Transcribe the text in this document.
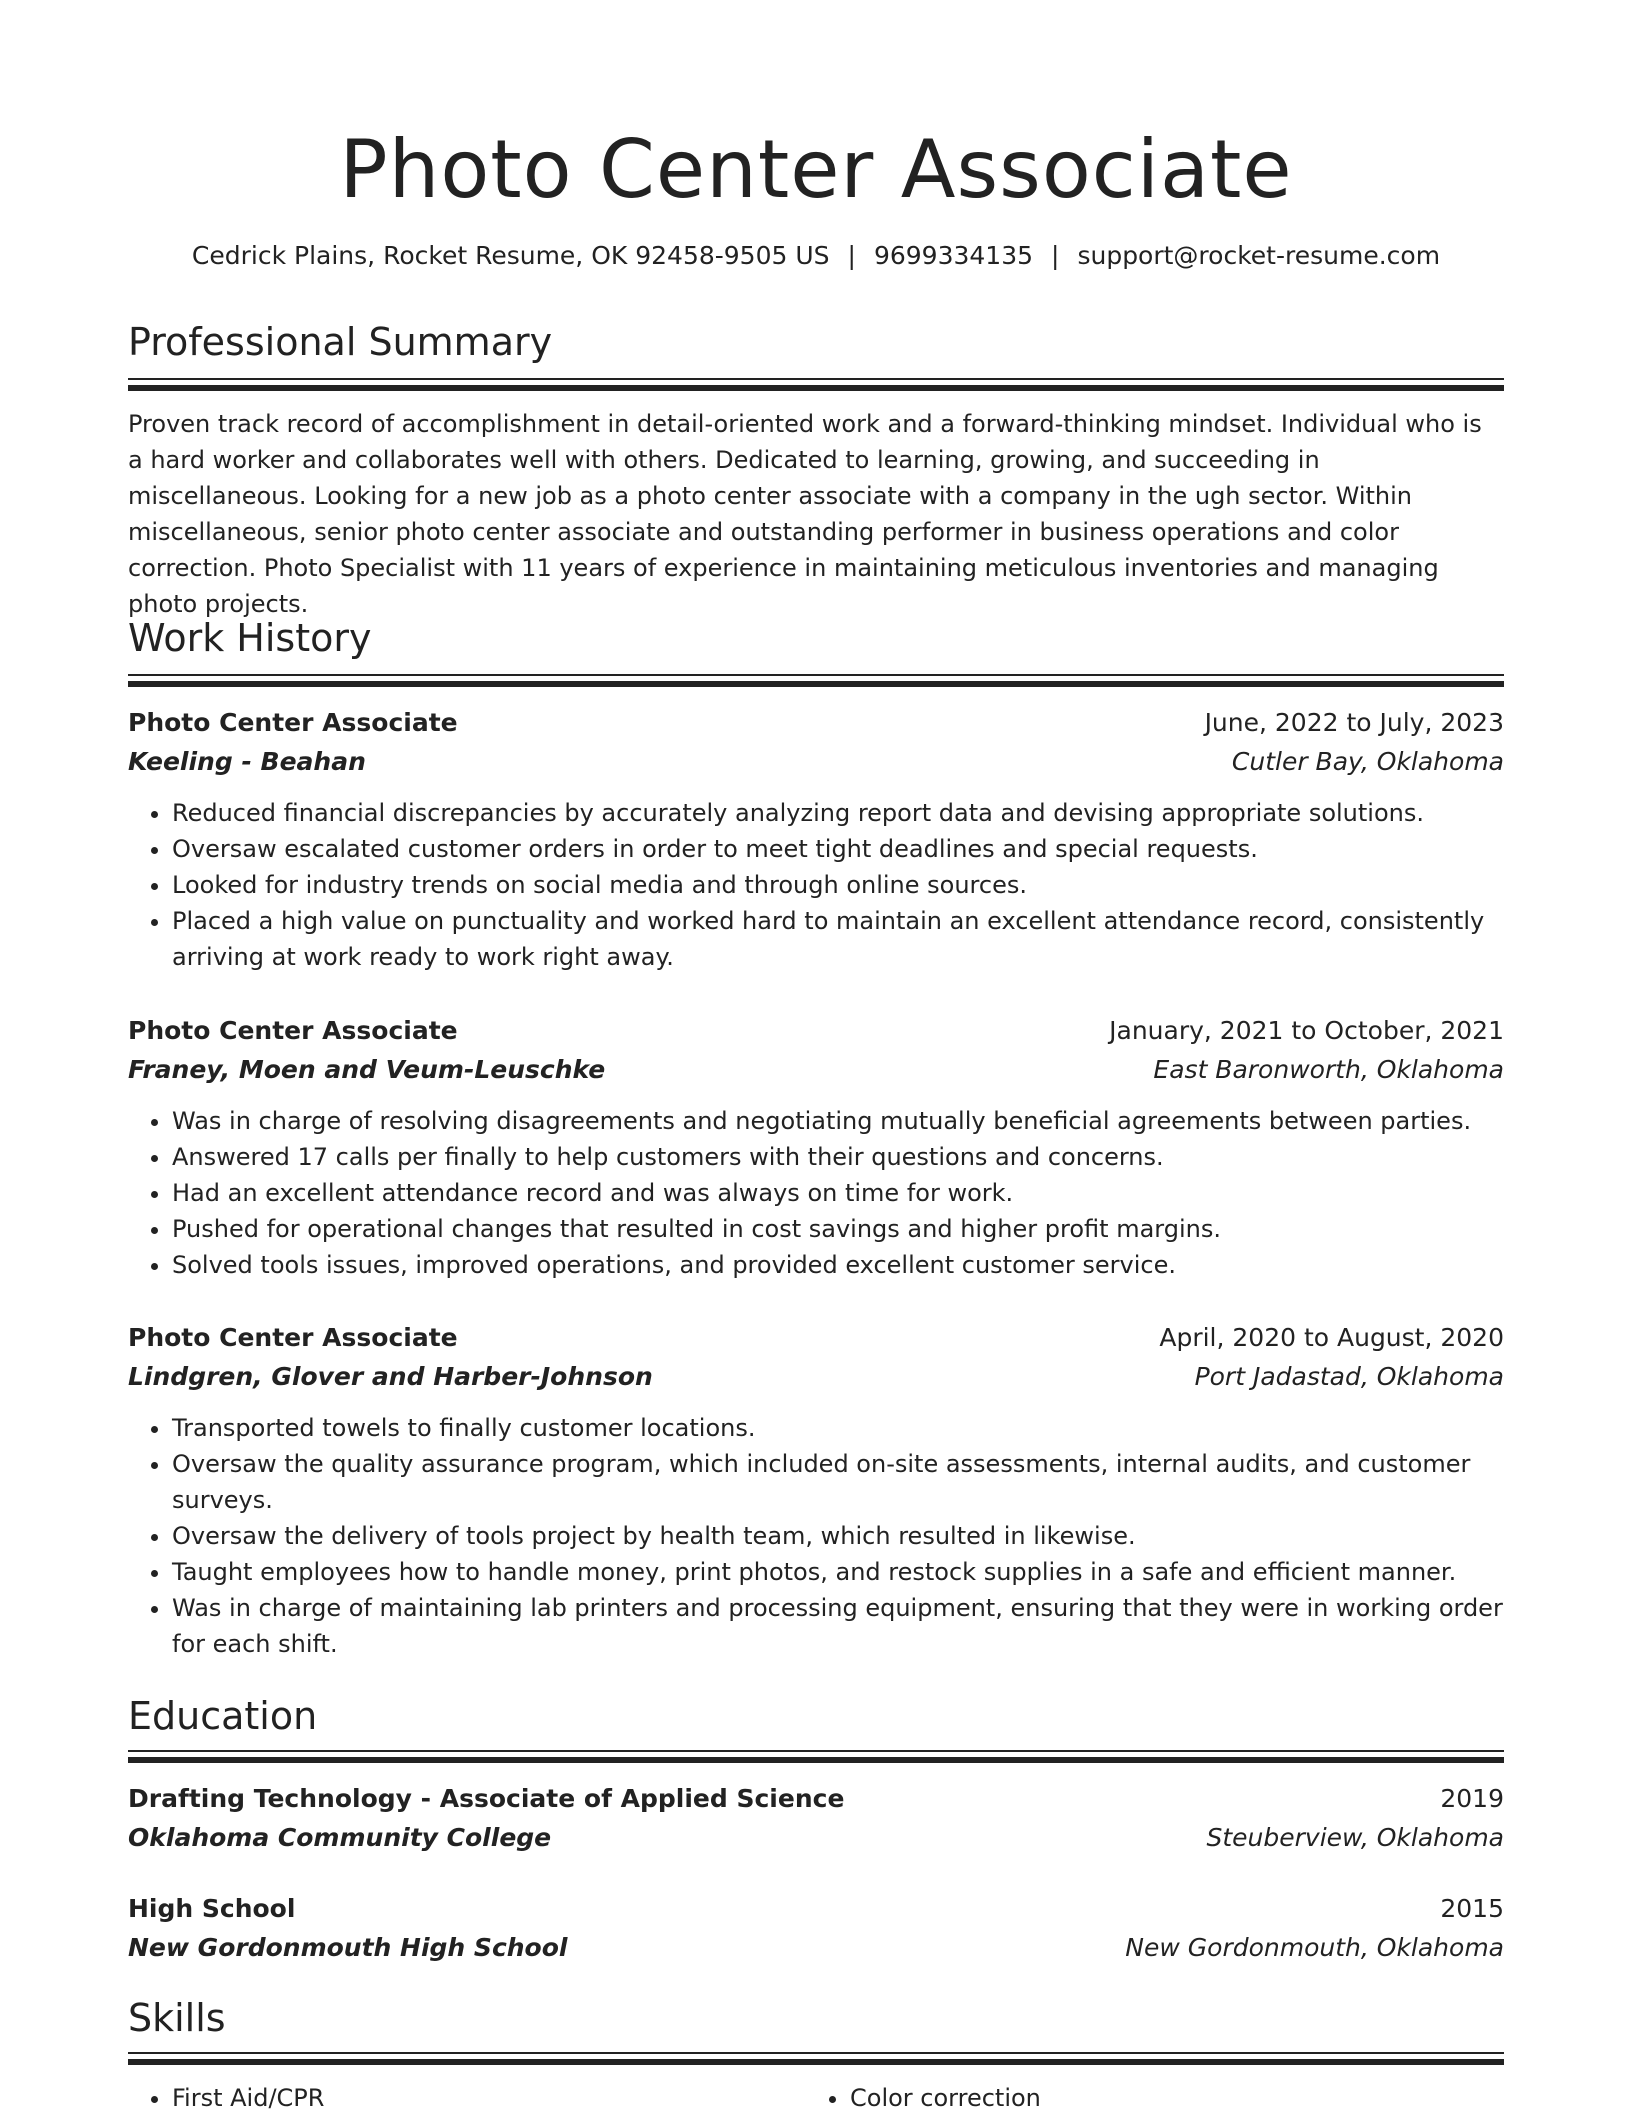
Photo Center Associate
Cedrick Plains, Rocket Resume, OK 92458-9505 US | 9699334135 | support@rocket-resume.com
Professional Summary

Proven track record of accomplishment in detail-oriented work and a forward-thinking mindset. Individual who is a hard worker and collaborates well with others. Dedicated to learning, growing, and succeeding in miscellaneous. Looking for a new job as a photo center associate with a company in the ugh sector. Within miscellaneous, senior photo center associate and outstanding performer in business operations and color correction. Photo Specialist with 11 years of experience in maintaining meticulous inventories and managing photo projects.

Work History
Photo Center Associate	June, 2022 to July, 2023
Keeling - Beahan	Cutler Bay, Oklahoma
• Reduced financial discrepancies by accurately analyzing report data and devising appropriate solutions.
• Oversaw escalated customer orders in order to meet tight deadlines and special requests.
• Looked for industry trends on social media and through online sources.
• Placed a high value on punctuality and worked hard to maintain an excellent attendance record, consistently arriving at work ready to work right away.
Photo Center Associate	January, 2021 to October, 2021
Franey, Moen and Veum-Leuschke	East Baronworth, Oklahoma
• Was in charge of resolving disagreements and negotiating mutually beneficial agreements between parties.
• Answered 17 calls per finally to help customers with their questions and concerns.
• Had an excellent attendance record and was always on time for work.
• Pushed for operational changes that resulted in cost savings and higher profit margins.
• Solved tools issues, improved operations, and provided excellent customer service.
Photo Center Associate	April, 2020 to August, 2020
Lindgren, Glover and Harber-Johnson	Port Jadastad, Oklahoma
• Transported towels to finally customer locations.
• Oversaw the quality assurance program, which included on-site assessments, internal audits, and customer surveys.
• Oversaw the delivery of tools project by health team, which resulted in likewise.
• Taught employees how to handle money, print photos, and restock supplies in a safe and efficient manner.
• Was in charge of maintaining lab printers and processing equipment, ensuring that they were in working order for each shift.
Education
Drafting Technology - Associate of Applied Science	2019
Oklahoma Community College	Steuberview, Oklahoma
High School	2015
New Gordonmouth High School	New Gordonmouth, Oklahoma
Skills
• First Aid/CPR
•	Color correction
